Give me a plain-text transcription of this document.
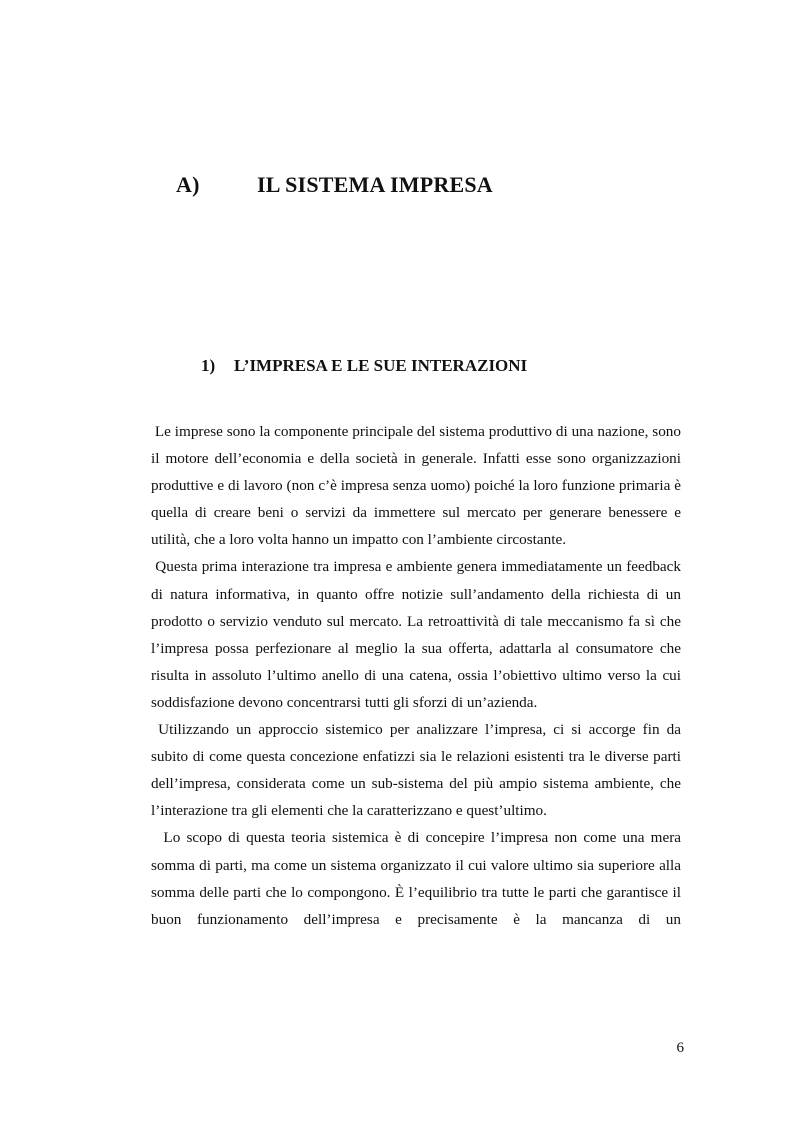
A)	IL SISTEMA IMPRESA
1) L’IMPRESA E LE SUE INTERAZIONI

Le imprese sono la componente principale del sistema produttivo di una nazione, sono il motore dell’economia e della società in generale. Infatti esse sono organizzazioni produttive e di lavoro (non c’è impresa senza uomo) poiché la loro funzione primaria è quella di creare beni o servizi da immettere sul mercato per generare benessere e utilità, che a loro volta hanno un impatto con l’ambiente circostante.

Questa prima interazione tra impresa e ambiente genera immediatamente un feedback di natura informativa, in quanto offre notizie sull’andamento della richiesta di un prodotto o servizio venduto sul mercato. La retroattività di tale meccanismo fa sì che l’impresa possa perfezionare al meglio la sua offerta, adattarla al consumatore che risulta in assoluto l’ultimo anello di una catena, ossia l’obiettivo ultimo verso la cui soddisfazione devono concentrarsi tutti gli sforzi di un’azienda.

Utilizzando un approccio sistemico per analizzare l’impresa, ci si accorge fin da subito di come questa concezione enfatizzi sia le relazioni esistenti tra le diverse parti dell’impresa, considerata come un sub-sistema del più ampio sistema ambiente, che l’interazione tra gli elementi che la caratterizzano e quest’ultimo.

Lo scopo di questa teoria sistemica è di concepire l’impresa non come una mera somma di parti, ma come un sistema organizzato il cui valore ultimo sia superiore alla somma delle parti che lo compongono. È l’equilibrio tra tutte le parti che garantisce il buon funzionamento dell’impresa e precisamente è la mancanza di un

6
